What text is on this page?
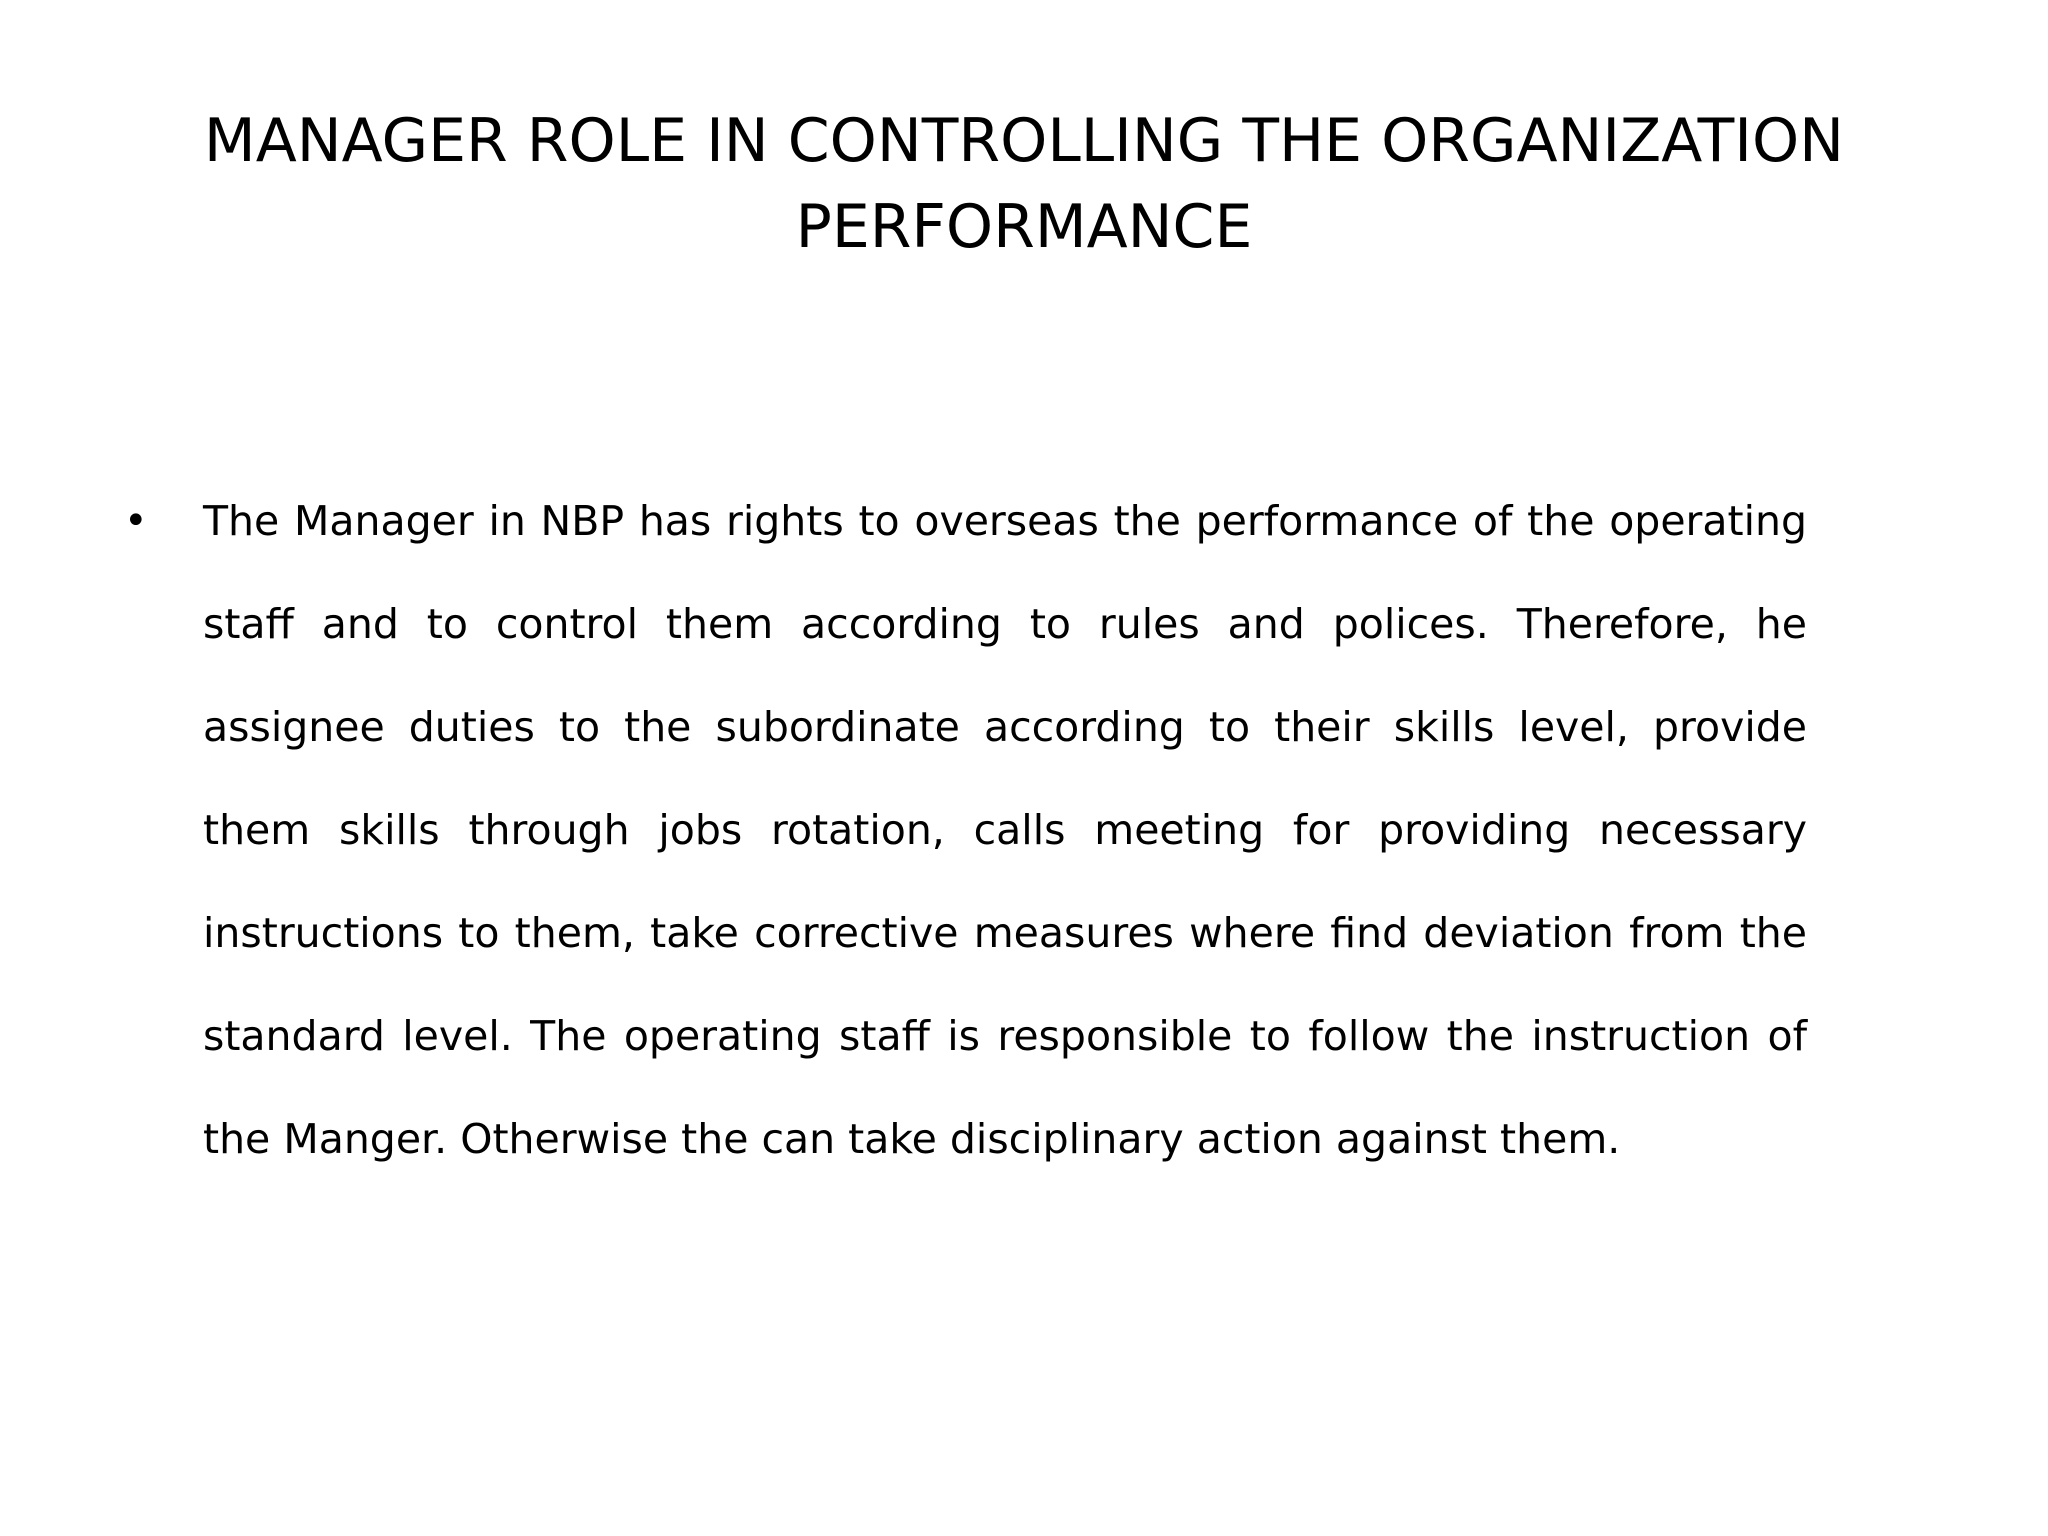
MANAGER ROLE IN CONTROLLING THE ORGANIZATION PERFORMANCE
• The Manager in NBP has rights to overseas the performance of the operating staff and to control them according to rules and polices. Therefore, he assignee duties to the subordinate according to their skills level, provide them skills through jobs rotation, calls meeting for providing necessary instructions to them, take corrective measures where find deviation from the standard level. The operating staff is responsible to follow the instruction of the Manger. Otherwise the can take disciplinary action against them.
